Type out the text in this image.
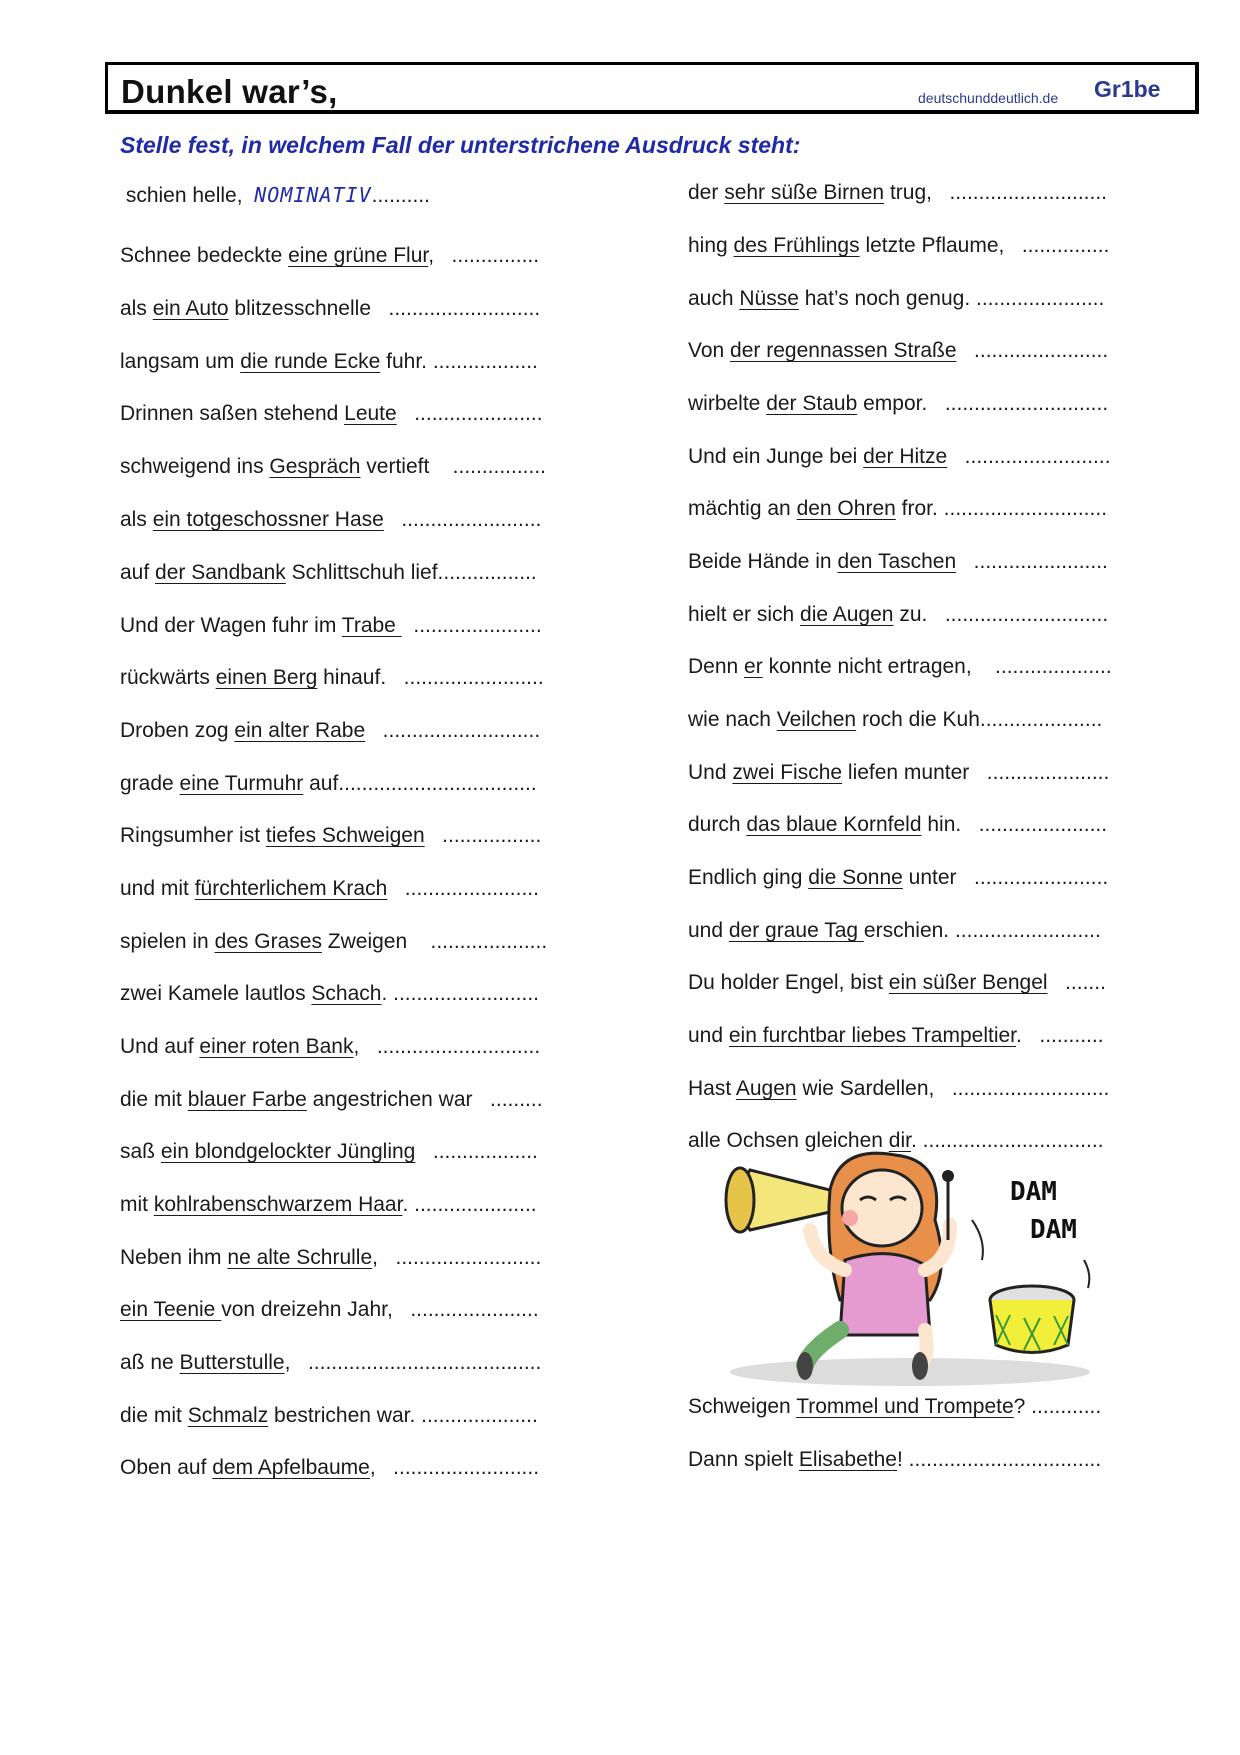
Dunkel war’s,	deutschunddeutlich.de Gr1be
Stelle fest, in welchem Fall der unterstrichene Ausdruck steht:
schien helle,  NOMINATIV..........
Schnee bedeckte eine grüne Flur,   ...............
als ein Auto blitzesschnelle   ..........................
langsam um die runde Ecke fuhr. ..................
Drinnen saßen stehend Leute   ......................
schweigend ins Gespräch vertieft    ................
als ein totgeschossner Hase   ........................
auf der Sandbank Schlittschuh lief.................
Und der Wagen fuhr im Trabe   ......................
rückwärts einen Berg hinauf.   ........................
Droben zog ein alter Rabe   ...........................
grade eine Turmuhr auf..................................
Ringsumher ist tiefes Schweigen   .................
und mit fürchterlichem Krach   .......................
spielen in des Grases Zweigen    ....................
zwei Kamele lautlos Schach. .........................
Und auf einer roten Bank,   ............................
die mit blauer Farbe angestrichen war   .........
saß ein blondgelockter Jüngling   ..................
mit kohlrabenschwarzem Haar. .....................
Neben ihm ne alte Schrulle,   .........................
ein Teenie von dreizehn Jahr,   ......................
aß ne Butterstulle,   ........................................
die mit Schmalz bestrichen war. ....................
Oben auf dem Apfelbaume,   .........................
der sehr süße Birnen trug,   ...........................
hing des Frühlings letzte Pflaume,   ...............
auch Nüsse hat’s noch genug. ......................
Von der regennassen Straße   .......................
wirbelte der Staub empor.   ............................
Und ein Junge bei der Hitze   .........................
mächtig an den Ohren fror. ............................
Beide Hände in den Taschen   .......................
hielt er sich die Augen zu.   ............................
Denn er konnte nicht ertragen,    ....................
wie nach Veilchen roch die Kuh.....................
Und zwei Fische liefen munter   .....................
durch das blaue Kornfeld hin.   ......................
Endlich ging die Sonne unter   .......................
und der graue Tag erschien. .........................
Du holder Engel, bist ein süßer Bengel   .......
und ein furchtbar liebes Trampeltier.   ...........
Hast Augen wie Sardellen,   ...........................
alle Ochsen gleichen dir. ...............................
Schweigen Trommel und Trompete? ............
Dann spielt Elisabethe! .................................
DAM
DAM
